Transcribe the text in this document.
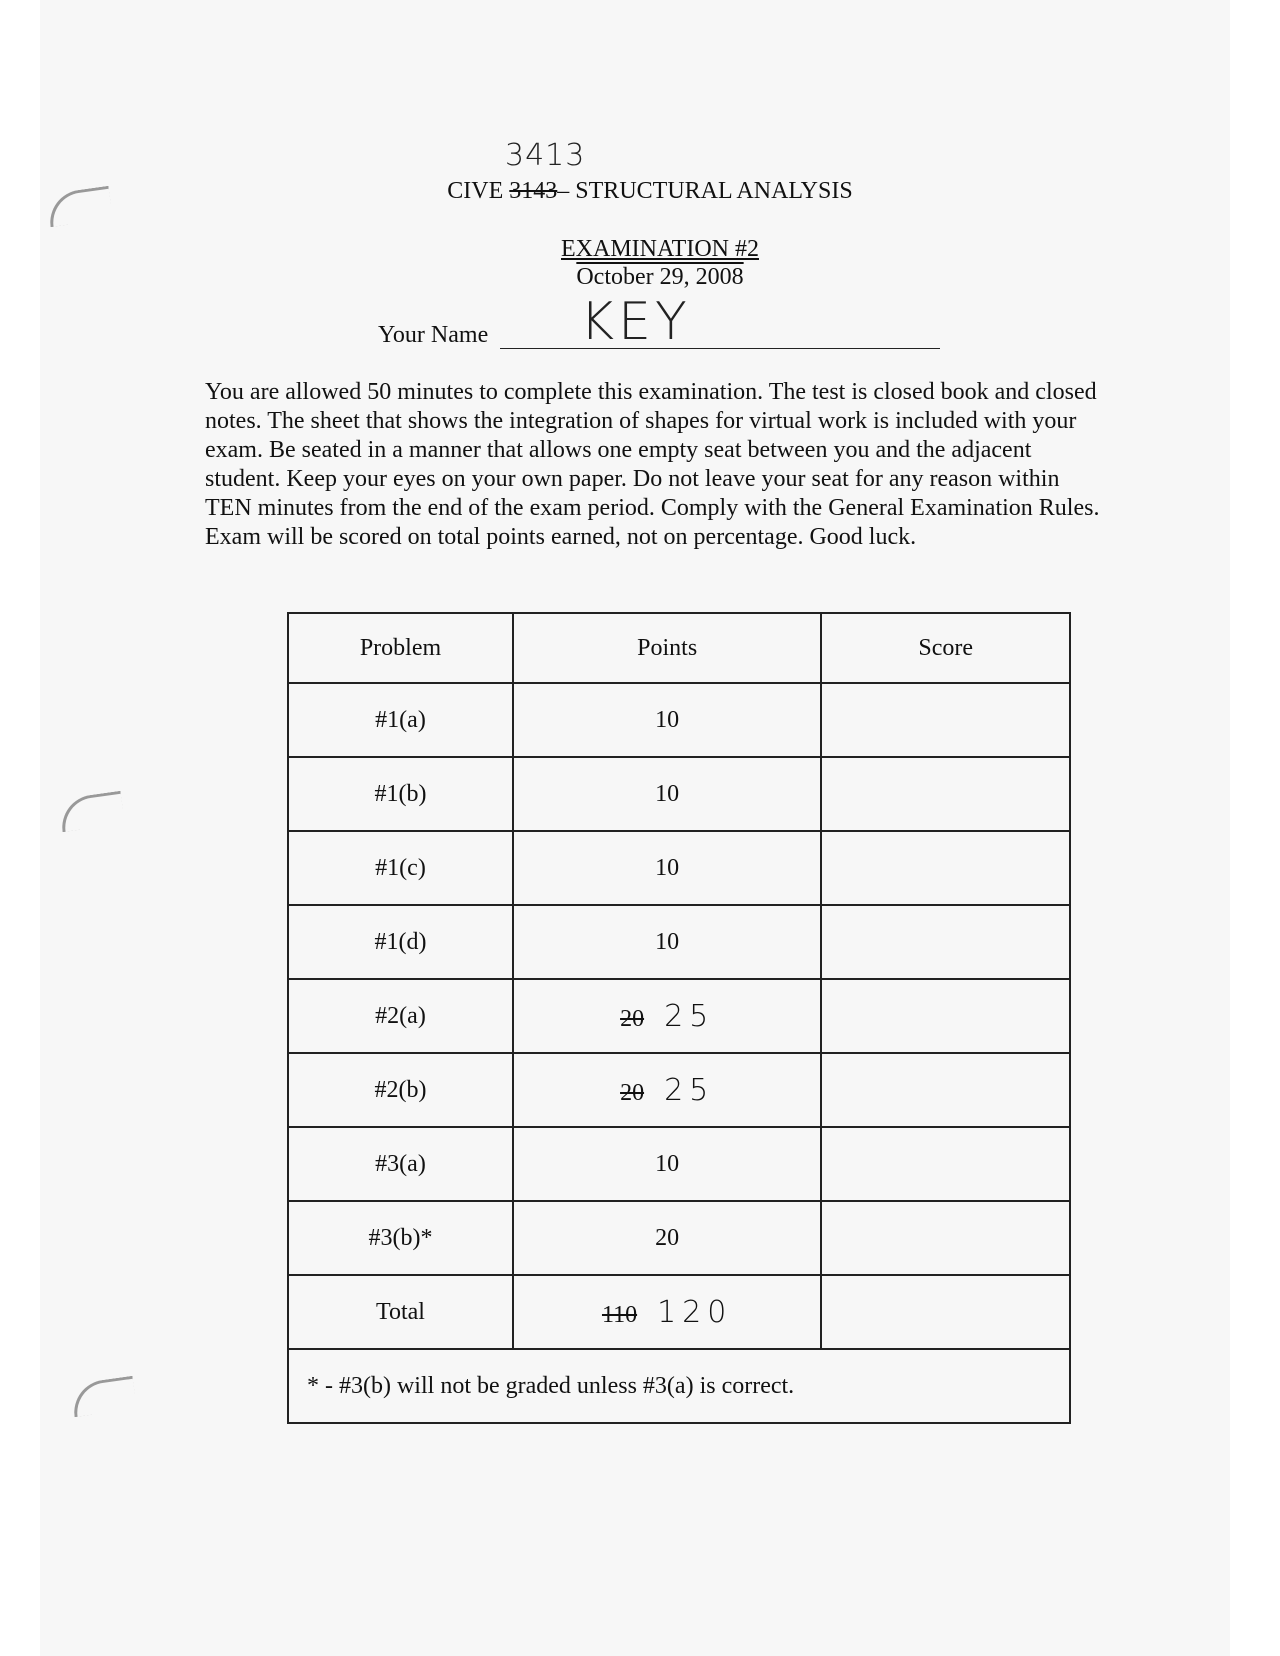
3413
CIVE 3143– STRUCTURAL ANALYSIS
EXAMINATION #2
October 29, 2008
Your Name KEY
You are allowed 50 minutes to complete this examination. The test is closed book and closed notes. The sheet that shows the integration of shapes for virtual work is included with your exam. Be seated in a manner that allows one empty seat between you and the adjacent student. Keep your eyes on your own paper. Do not leave your seat for any reason within TEN minutes from the end of the exam period. Comply with the General Examination Rules. Exam will be scored on total points earned, not on percentage. Good luck.
Problem	Points	Score
#1(a)	10	
#1(b)	10	
#1(c)	10	
#1(d)	10	
#2(a)	20 25	
#2(b)	20 25	
#3(a)	10	
#3(b)*	20	
Total	110 120	
* - #3(b) will not be graded unless #3(a) is correct.		
